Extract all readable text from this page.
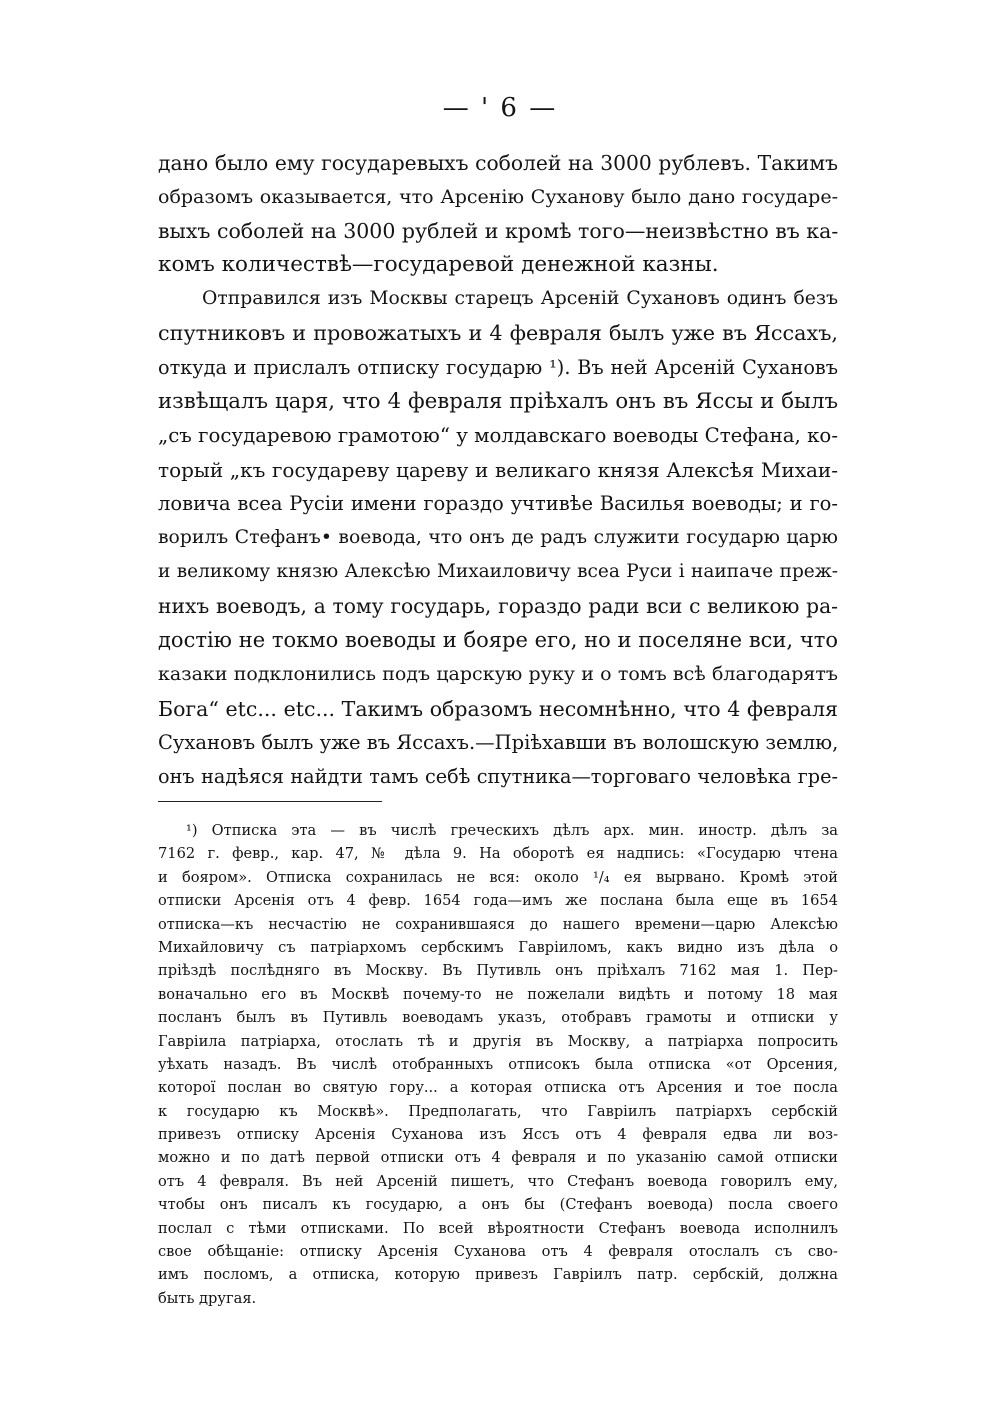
— ' 6 —
дано было ему государевыхъ соболей на 3000 рублевъ. Такимъ
образомъ оказывается, что Арсенію Суханову было дано государе-
выхъ соболей на 3000 рублей и кромѣ того—неизвѣстно въ ка-
комъ количествѣ—государевой денежной казны.
Отправился изъ Москвы старецъ Арсеній Сухановъ одинъ безъ
спутниковъ и провожатыхъ и 4 февраля былъ уже въ Яссахъ,
откуда и прислалъ отписку государю ¹). Въ ней Арсеній Сухановъ
извѣщалъ царя, что 4 февраля пріѣхалъ онъ въ Яссы и былъ
„съ государевою грамотою“ у молдавскаго воеводы Стефана, ко-
торый „къ государеву цареву и великаго князя Алексѣя Михаи-
ловича всеа Русіи имени гораздо учтивѣе Василья воеводы; и го-
ворилъ Стефанъ• воевода, что онъ де радъ служити государю царю
и великому князю Алексѣю Михаиловичу всеа Руси і наипаче преж-
нихъ воеводъ, а тому государь, гораздо ради вси с великою ра-
достію не токмо воеводы и бояре его, но и поселяне вси, что
казаки подклонились подъ царскую руку и о томъ всѣ благодарятъ
Бога“ etc... etc... Такимъ образомъ несомнѣнно, что 4 февраля
Сухановъ былъ уже въ Яссахъ.—Пріѣхавши въ волошскую землю,
онъ надѣяся найдти тамъ себѣ спутника—торговаго человѣка гре-
¹) Отписка эта — въ числѣ греческихъ дѣлъ арх. мин. иностр. дѣлъ за
7162 г. февр., кар. 47, № дѣла 9. На оборотѣ ея надпись: «Государю чтена
и бояром». Отписка сохранилась не вся: около ¹/₄ ея вырвано. Кромѣ этой
отписки Арсенія отъ 4 февр. 1654 года—имъ же послана была еще въ 1654
отписка—къ несчастію не сохранившаяся до нашего времени—царю Алексѣю
Михайловичу съ патріархомъ сербскимъ Гавріиломъ, какъ видно изъ дѣла о
пріѣздѣ послѣдняго въ Москву. Въ Путивль онъ пріѣхалъ 7162 мая 1. Пер-
воначально его въ Москвѣ почему-то не пожелали видѣть и потому 18 мая
посланъ былъ въ Путивль воеводамъ указъ, отобравъ грамоты и отписки у
Гавріила патріарха, отослать тѣ и другія въ Москву, а патріарха попросить
уѣхать назадъ. Въ числѣ отобранныхъ отписокъ была отписка «от Орсения,
которої послан во святую гору... а которая отписка отъ Арсения и тое посла
к государю къ Москвѣ». Предполагать, что Гавріилъ патріархъ сербскій
привезъ отписку Арсенія Суханова изъ Яссъ отъ 4 февраля едва ли воз-
можно и по датѣ первой отписки отъ 4 февраля и по указанію самой отписки
отъ 4 февраля. Въ ней Арсеній пишетъ, что Стефанъ воевода говорилъ ему,
чтобы онъ писалъ къ государю, а онъ бы (Стефанъ воевода) посла своего
послал с тѣми отписками. По всей вѣроятности Стефанъ воевода исполнилъ
свое обѣщаніе: отписку Арсенія Суханова отъ 4 февраля отослалъ съ сво-
имъ посломъ, а отписка, которую привезъ Гавріилъ патр. сербскій, должна
быть другая.
